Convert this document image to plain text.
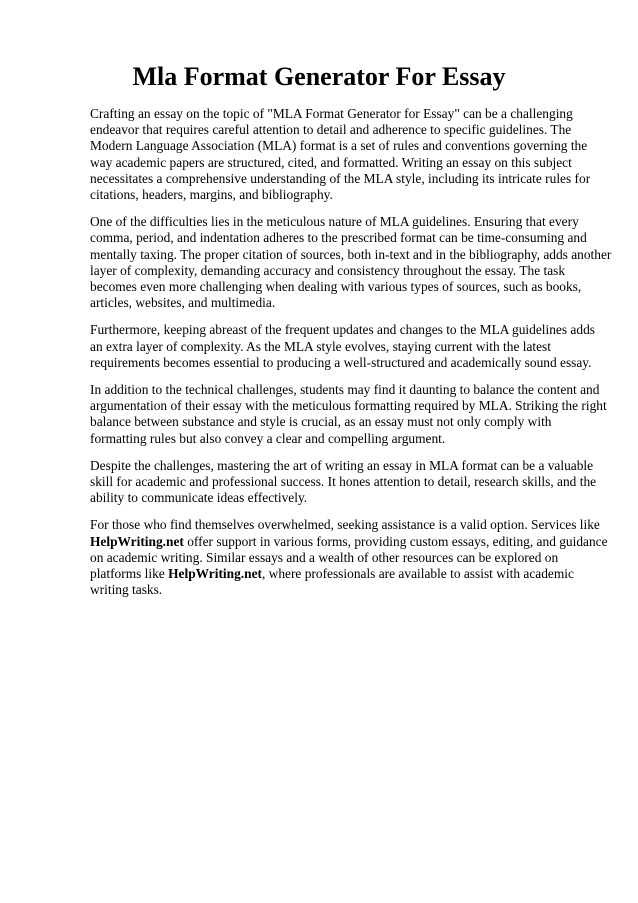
Mla Format Generator For Essay

Crafting an essay on the topic of "MLA Format Generator for Essay" can be a challenging
endeavor that requires careful attention to detail and adherence to specific guidelines. The
Modern Language Association (MLA) format is a set of rules and conventions governing the
way academic papers are structured, cited, and formatted. Writing an essay on this subject
necessitates a comprehensive understanding of the MLA style, including its intricate rules for
citations, headers, margins, and bibliography.

One of the difficulties lies in the meticulous nature of MLA guidelines. Ensuring that every
comma, period, and indentation adheres to the prescribed format can be time-consuming and
mentally taxing. The proper citation of sources, both in-text and in the bibliography, adds another
layer of complexity, demanding accuracy and consistency throughout the essay. The task
becomes even more challenging when dealing with various types of sources, such as books,
articles, websites, and multimedia.

Furthermore, keeping abreast of the frequent updates and changes to the MLA guidelines adds
an extra layer of complexity. As the MLA style evolves, staying current with the latest
requirements becomes essential to producing a well-structured and academically sound essay.

In addition to the technical challenges, students may find it daunting to balance the content and
argumentation of their essay with the meticulous formatting required by MLA. Striking the right
balance between substance and style is crucial, as an essay must not only comply with
formatting rules but also convey a clear and compelling argument.

Despite the challenges, mastering the art of writing an essay in MLA format can be a valuable
skill for academic and professional success. It hones attention to detail, research skills, and the
ability to communicate ideas effectively.

For those who find themselves overwhelmed, seeking assistance is a valid option. Services like
HelpWriting.net offer support in various forms, providing custom essays, editing, and guidance
on academic writing. Similar essays and a wealth of other resources can be explored on
platforms like HelpWriting.net, where professionals are available to assist with academic
writing tasks.
